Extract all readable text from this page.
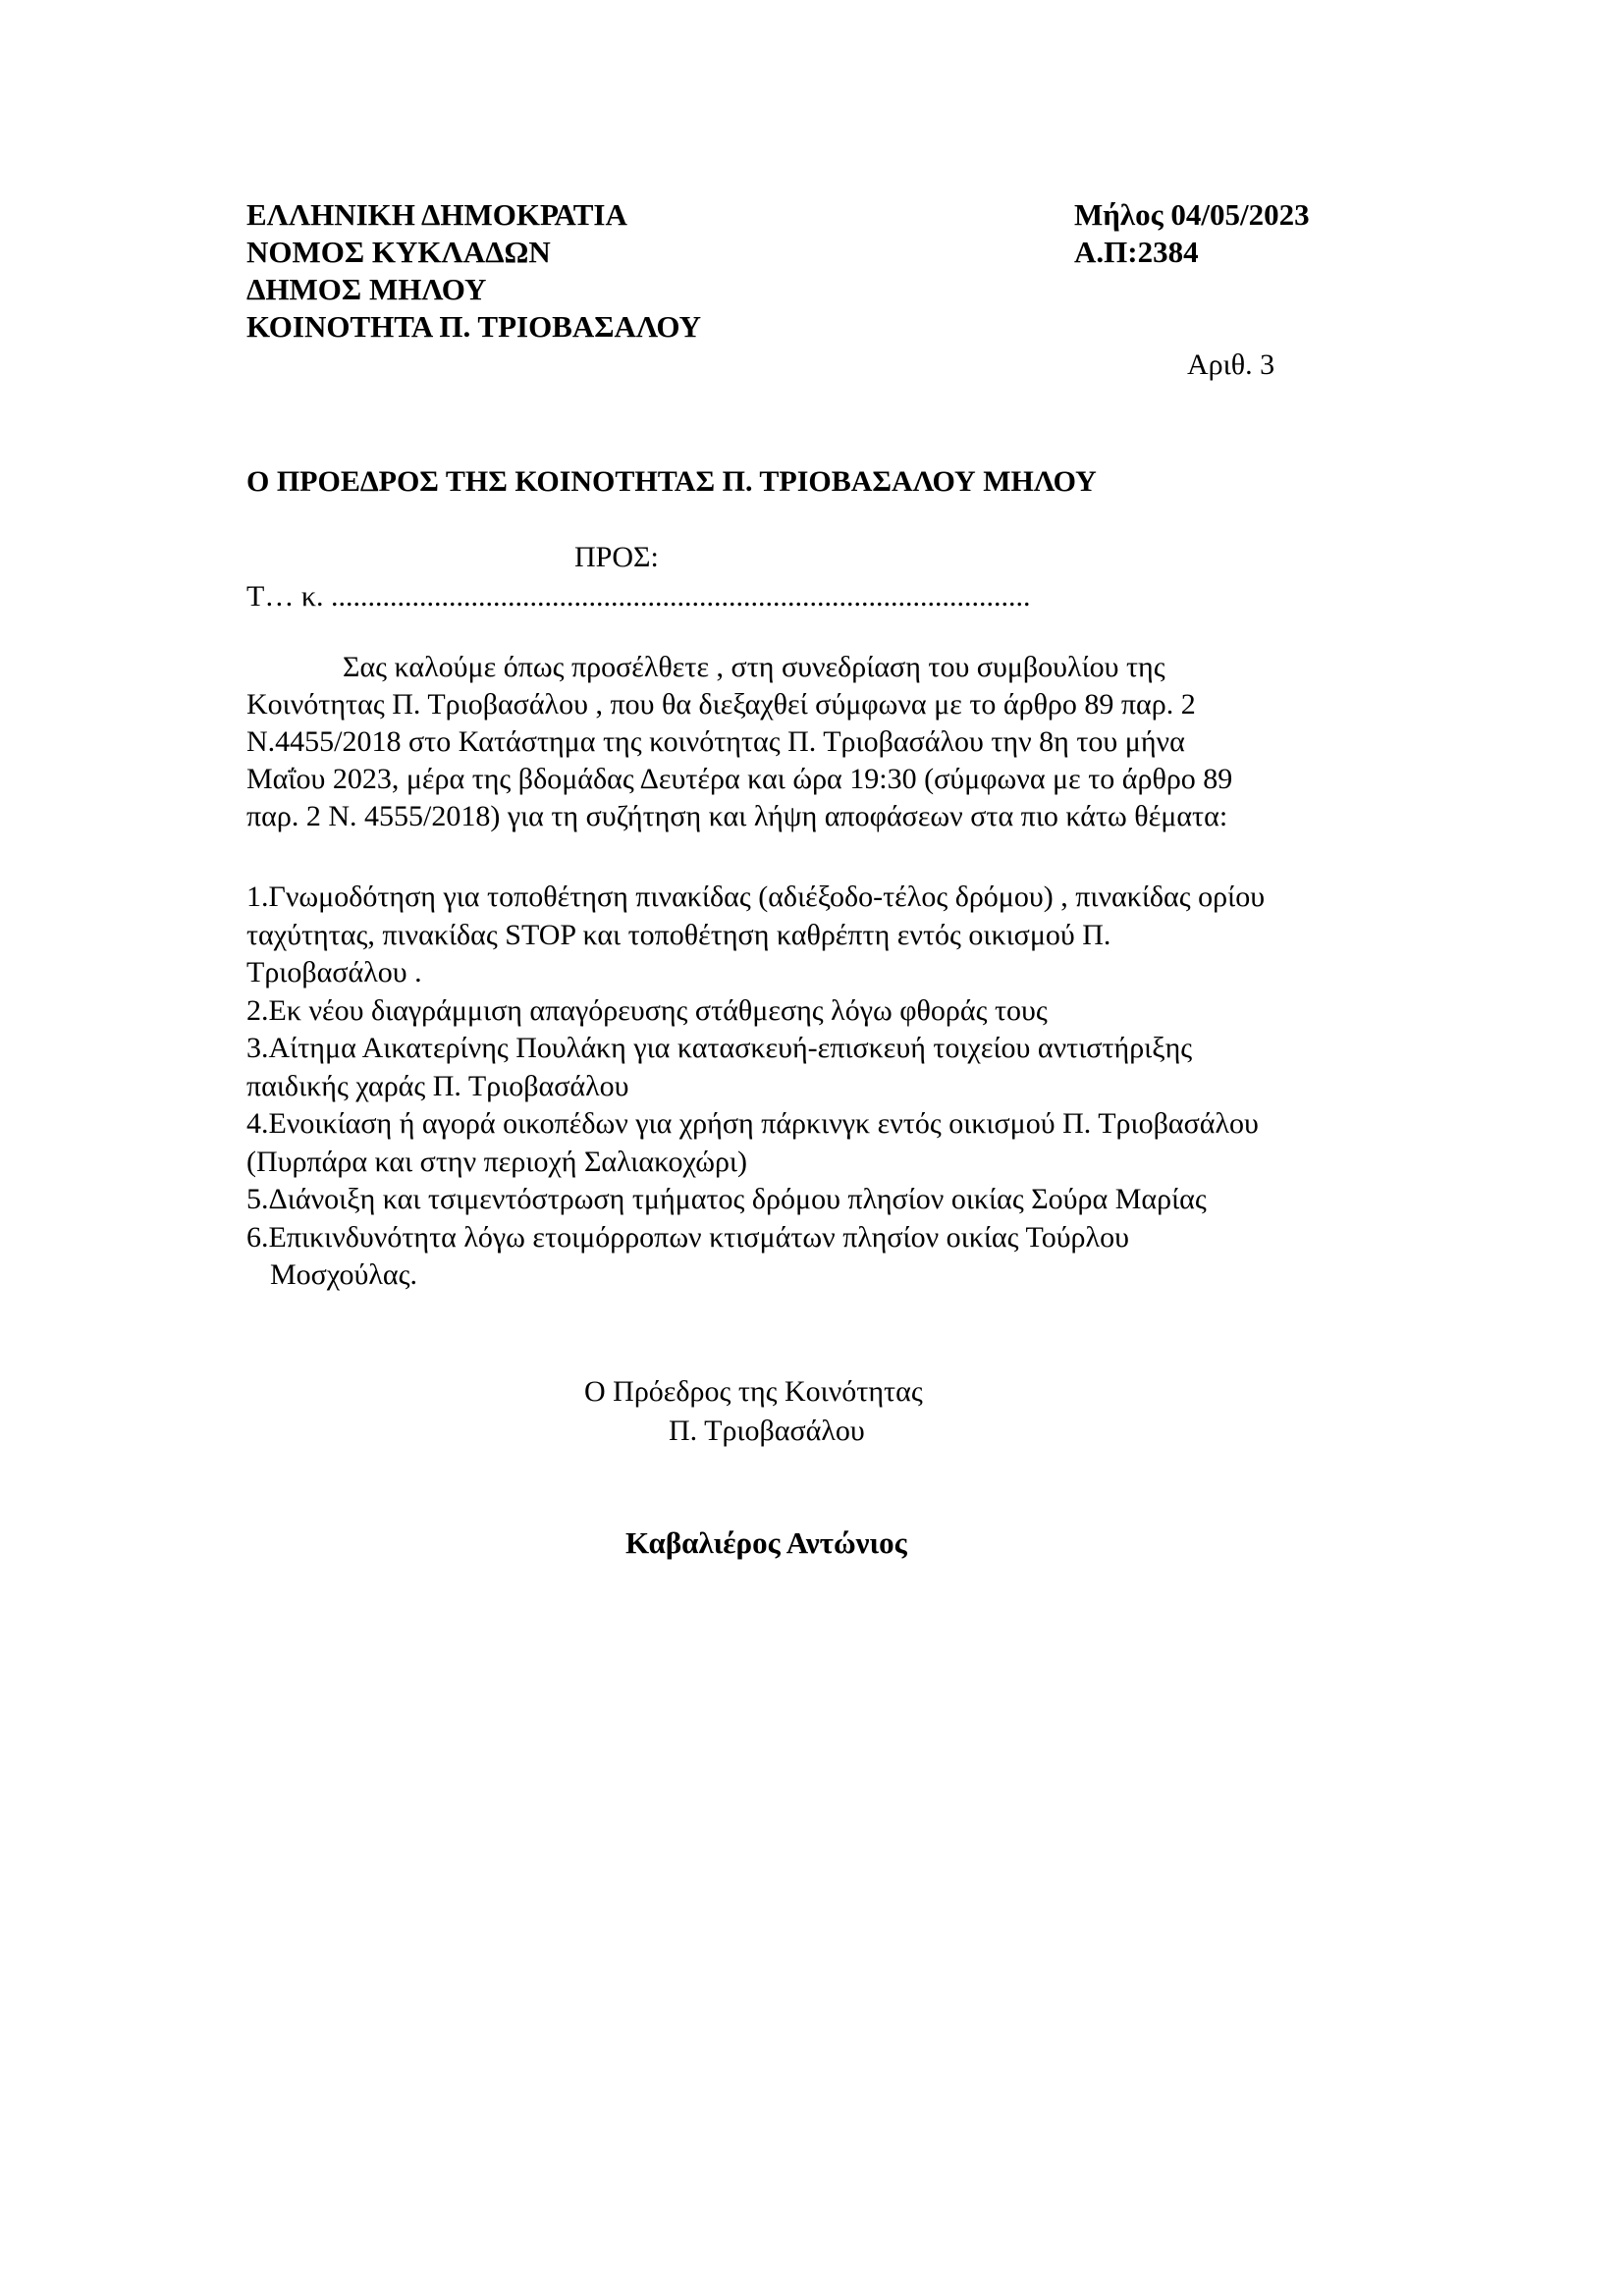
ΕΛΛΗΝΙΚΗ ΔΗΜΟΚΡΑΤΙΑ
ΝΟΜΟΣ ΚΥΚΛΑΔΩΝ
ΔΗΜΟΣ ΜΗΛΟΥ
ΚΟΙΝΟΤΗΤΑ Π. ΤΡΙΟΒΑΣΑΛΟΥ
Μήλος 04/05/2023
Α.Π:2384
Αριθ. 3
Ο ΠΡΟΕΔΡΟΣ ΤΗΣ ΚΟΙΝΟΤΗΤΑΣ Π. ΤΡΙΟΒΑΣΑΛΟΥ ΜΗΛΟΥ
ΠΡΟΣ:
Τ… κ. ...............................................................................................
Σας καλούμε όπως προσέλθετε , στη συνεδρίαση του συμβουλίου της
Κοινότητας Π. Τριοβασάλου , που θα διεξαχθεί σύμφωνα με το άρθρο 89 παρ. 2
Ν.4455/2018 στο Κατάστημα της κοινότητας Π. Τριοβασάλου την 8η του μήνα
Μαΐου 2023, μέρα της βδομάδας Δευτέρα και ώρα 19:30 (σύμφωνα με το άρθρο 89
παρ. 2 Ν. 4555/2018) για τη συζήτηση και λήψη αποφάσεων στα πιο κάτω θέματα:
1.Γνωμοδότηση για τοποθέτηση πινακίδας (αδιέξοδο-τέλος δρόμου) , πινακίδας ορίου
ταχύτητας, πινακίδας STOP και τοποθέτηση καθρέπτη εντός οικισμού Π.
Τριοβασάλου .
2.Εκ νέου διαγράμμιση απαγόρευσης στάθμεσης λόγω φθοράς τους
3.Αίτημα Αικατερίνης Πουλάκη για κατασκευή-επισκευή τοιχείου αντιστήριξης
παιδικής χαράς Π. Τριοβασάλου
4.Ενοικίαση ή αγορά οικοπέδων για χρήση πάρκινγκ εντός οικισμού Π. Τριοβασάλου
(Πυρπάρα και στην περιοχή Σαλιακοχώρι)
5.Διάνοιξη και τσιμεντόστρωση τμήματος δρόμου πλησίον οικίας Σούρα Μαρίας
6.Επικινδυνότητα λόγω ετοιμόρροπων κτισμάτων πλησίον οικίας Τούρλου
Μοσχούλας.
Ο Πρόεδρος της Κοινότητας
Π. Τριοβασάλου
Καβαλιέρος Αντώνιος
